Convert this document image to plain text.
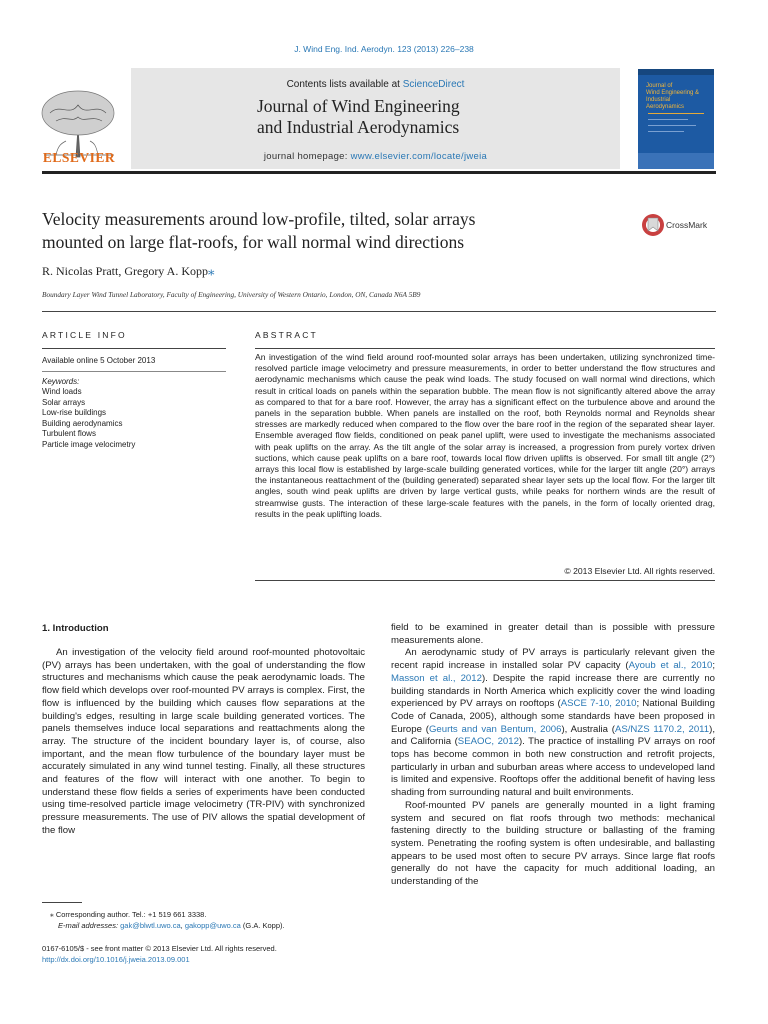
J. Wind Eng. Ind. Aerodyn. 123 (2013) 226–238
ELSEVIER
Contents lists available at ScienceDirect
Journal of Wind Engineering
and Industrial Aerodynamics
journal homepage: www.elsevier.com/locate/jweia
Journal of
Wind Engineering &
Industrial Aerodynamics
Velocity measurements around low-profile, tilted, solar arrays
mounted on large flat-roofs, for wall normal wind directions
CrossMark
R. Nicolas Pratt, Gregory A. Kopp⁎
Boundary Layer Wind Tunnel Laboratory, Faculty of Engineering, University of Western Ontario, London, ON, Canada N6A 5B9
ARTICLE INFO
Available online 5 October 2013
Keywords:
Wind loads
Solar arrays
Low-rise buildings
Building aerodynamics
Turbulent flows
Particle image velocimetry
ABSTRACT
An investigation of the wind field around roof-mounted solar arrays has been undertaken, utilizing synchronized time-resolved particle image velocimetry and pressure measurements, in order to better understand the flow structures and aerodynamic mechanisms which cause the peak wind loads. The study focused on wall normal wind directions, which result in critical loads on panels within the separation bubble. The mean flow is not significantly altered above the array as compared to that for a bare roof. However, the array has a significant effect on the turbulence above and around the panels in the separation bubble. When panels are installed on the roof, both Reynolds normal and Reynolds shear stresses are markedly reduced when compared to the flow over the bare roof in the region of the separated shear layer. Ensemble averaged flow fields, conditioned on peak panel uplift, were used to investigate the mechanisms associated with peak uplifts on the array. As the tilt angle of the solar array is increased, a progression from purely vortex driven suctions, which cause peak uplifts on a bare roof, towards local flow driven uplifts is observed. For small tilt angle (2°) arrays this local flow is established by large-scale building generated vortices, while for the larger tilt angle (20°) arrays the instantaneous reattachment of the (building generated) separated shear layer sets up the local flow. For the larger tilt angles, south wind peak uplifts are driven by large vertical gusts, while peaks for northern winds are the result of streamwise gusts. The interaction of these large-scale features with the panels, in the form of locally oriented drag, results in the peak uplifting loads.
© 2013 Elsevier Ltd. All rights reserved.
1. Introduction

An investigation of the velocity field around roof-mounted photovoltaic (PV) arrays has been undertaken, with the goal of understanding the flow structures and mechanisms which cause the peak aerodynamic loads. The flow field which develops over roof-mounted PV arrays is complex. First, the flow is influenced by the building which causes flow separations at the building's edges, resulting in large scale building generated vortices. The panels themselves induce local separations and reattachments along the array. The structure of the incident boundary layer is, of course, also important, and the mean flow turbulence of the boundary layer must be accurately simulated in any wind tunnel testing. Finally, all these structures and features of the flow will interact with one another. To begin to understand these flow fields a series of experiments have been conducted using time-resolved particle image velocimetry (TR-PIV) with synchronized pressure measurements. The use of PIV allows the spatial development of the flow

field to be examined in greater detail than is possible with pressure measurements alone.

An aerodynamic study of PV arrays is particularly relevant given the recent rapid increase in installed solar PV capacity (Ayoub et al., 2010; Masson et al., 2012). Despite the rapid increase there are currently no building standards in North America which explicitly cover the wind loading experienced by PV arrays on rooftops (ASCE 7-10, 2010; National Building Code of Canada, 2005), although some standards have been proposed in Europe (Geurts and van Bentum, 2006), Australia (AS/NZS 1170.2, 2011), and California (SEAOC, 2012). The practice of installing PV arrays on roof tops has become common in both new construction and retrofit projects, particularly in urban and suburban areas where access to undeveloped land is limited and expensive. Rooftops offer the additional benefit of having less shading from surrounding natural and built environments.

Roof-mounted PV panels are generally mounted in a light framing system and secured on flat roofs through two methods: mechanical fastening directly to the building structure or ballasting of the framing system. Penetrating the roofing system is often undesirable, and ballasting appears to be used most often to secure PV arrays. Since large flat roofs generally do not have the capacity for much additional loading, an understanding of the

⁎ Corresponding author. Tel.: +1 519 661 3338.
E-mail addresses: gak@blwtl.uwo.ca, gakopp@uwo.ca (G.A. Kopp).
0167-6105/$ - see front matter © 2013 Elsevier Ltd. All rights reserved.
http://dx.doi.org/10.1016/j.jweia.2013.09.001
